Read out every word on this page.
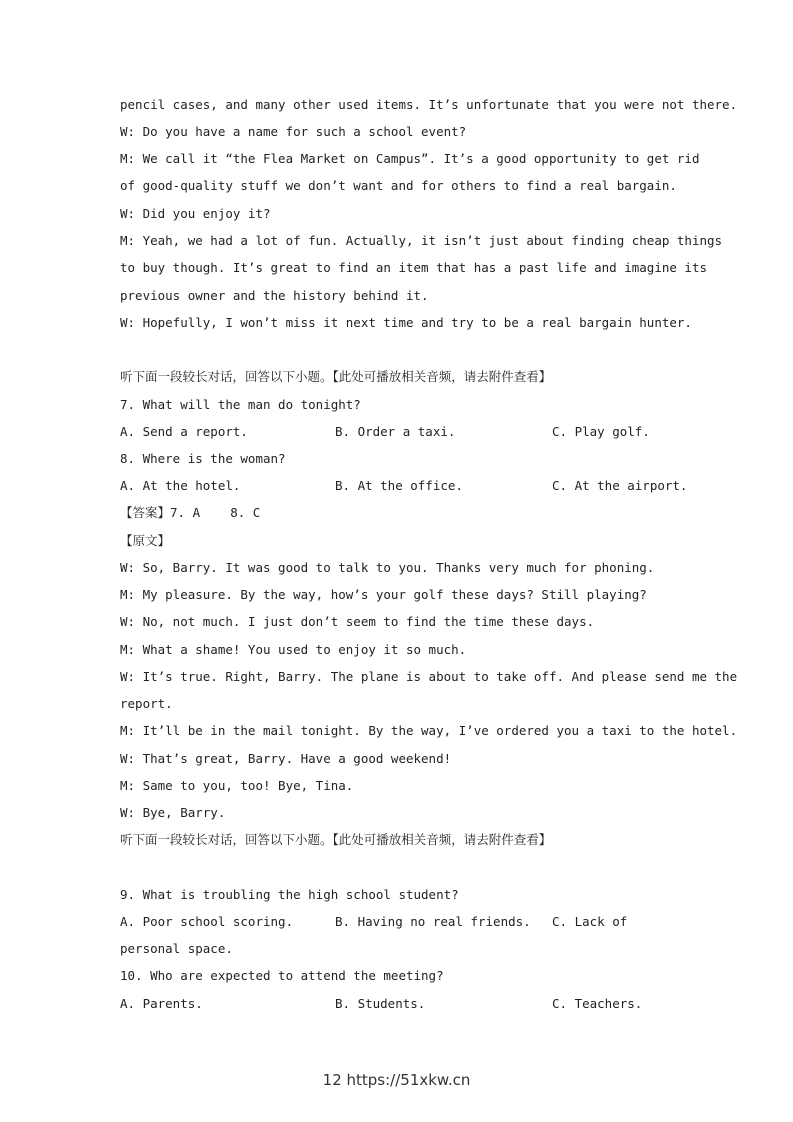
pencil cases, and many other used items. It’s unfortunate that you were not there.
W: Do you have a name for such a school event?
M: We call it “the Flea Market on Campus”. It’s a good opportunity to get rid
of good-quality stuff we don’t want and for others to find a real bargain.
W: Did you enjoy it?
M: Yeah, we had a lot of fun. Actually, it isn’t just about finding cheap things
to buy though. It’s great to find an item that has a past life and imagine its
previous owner and the history behind it.
W: Hopefully, I won’t miss it next time and try to be a real bargain hunter.
听下面一段较长对话，回答以下小题。【此处可播放相关音频，请去附件查看】
7. What will the man do tonight?
A. Send a report.	B. Order a taxi.	C. Play golf.
8. Where is the woman?
A. At the hotel.	B. At the office.	C. At the airport.
【答案】7. A    8. C
【原文】
W: So, Barry. It was good to talk to you. Thanks very much for phoning.
M: My pleasure. By the way, how’s your golf these days? Still playing?
W: No, not much. I just don’t seem to find the time these days.
M: What a shame! You used to enjoy it so much.
W: It’s true. Right, Barry. The plane is about to take off. And please send me the
report.
M: It’ll be in the mail tonight. By the way, I’ve ordered you a taxi to the hotel.
W: That’s great, Barry. Have a good weekend!
M: Same to you, too! Bye, Tina.
W: Bye, Barry.
听下面一段较长对话，回答以下小题。【此处可播放相关音频，请去附件查看】
9. What is troubling the high school student?
A. Poor school scoring.	B. Having no real friends. C. Lack of
personal space.
10. Who are expected to attend the meeting?
A. Parents.	B. Students.	C. Teachers.
12 https://51xkw.cn
